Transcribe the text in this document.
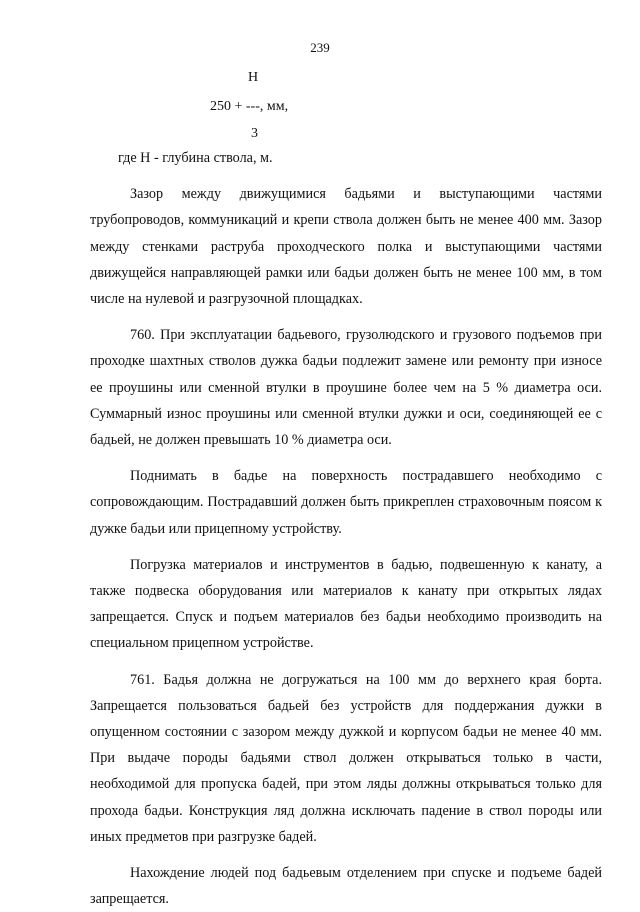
239
H
250 + ---, мм,
3

где H - глубина ствола, м.

Зазор между движущимися бадьями и выступающими частями трубопроводов, коммуникаций и крепи ствола должен быть не менее 400 мм. Зазор между стенками раструба проходческого полка и выступающими частями движущейся направляющей рамки или бадьи должен быть не менее 100 мм, в том числе на нулевой и разгрузочной площадках.

760. При эксплуатации бадьевого, грузолюдского и грузового подъемов при проходке шахтных стволов дужка бадьи подлежит замене или ремонту при износе ее проушины или сменной втулки в проушине более чем на 5 % диаметра оси. Суммарный износ проушины или сменной втулки дужки и оси, соединяющей ее с бадьей, не должен превышать 10 % диаметра оси.

Поднимать в бадье на поверхность пострадавшего необходимо с сопровождающим. Пострадавший должен быть прикреплен страховочным поясом к дужке бадьи или прицепному устройству.

Погрузка материалов и инструментов в бадью, подвешенную к канату, а также подвеска оборудования или материалов к канату при открытых лядах запрещается. Спуск и подъем материалов без бадьи необходимо производить на специальном прицепном устройстве.

761. Бадья должна не догружаться на 100 мм до верхнего края борта. Запрещается пользоваться бадьей без устройств для поддержания дужки в опущенном состоянии с зазором между дужкой и корпусом бадьи не менее 40 мм. При выдаче породы бадьями ствол должен открываться только в части, необходимой для пропуска бадей, при этом ляды должны открываться только для прохода бадьи. Конструкция ляд должна исключать падение в ствол породы или иных предметов при разгрузке бадей.

Нахождение людей под бадьевым отделением при спуске и подъеме бадей запрещается.
